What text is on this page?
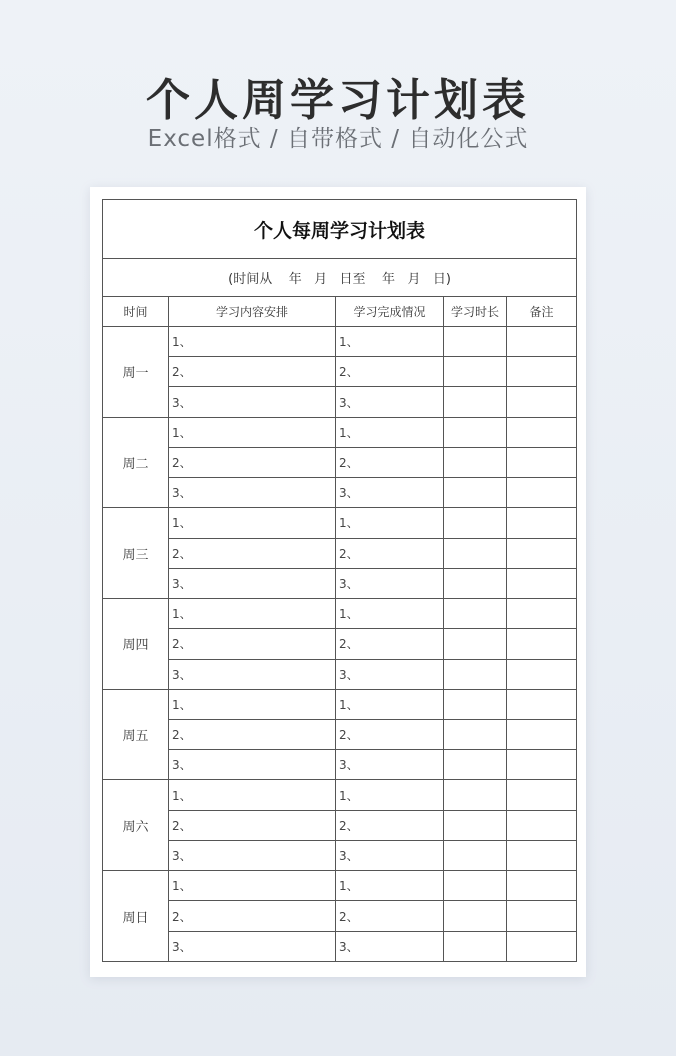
个人周学习计划表

Excel格式 / 自带格式 / 自动化公式

个人每周学习计划表				
(时间从    年   月   日至    年   月   日)				
时间	学习内容安排	学习完成情况	学习时长	备注
周一	1、	1、		
	2、	2、		
	3、	3、		
周二	1、	1、		
	2、	2、		
	3、	3、		
周三	1、	1、		
	2、	2、		
	3、	3、		
周四	1、	1、		
	2、	2、		
	3、	3、		
周五	1、	1、		
	2、	2、		
	3、	3、		
周六	1、	1、		
	2、	2、		
	3、	3、		
周日	1、	1、		
	2、	2、		
	3、	3、		
